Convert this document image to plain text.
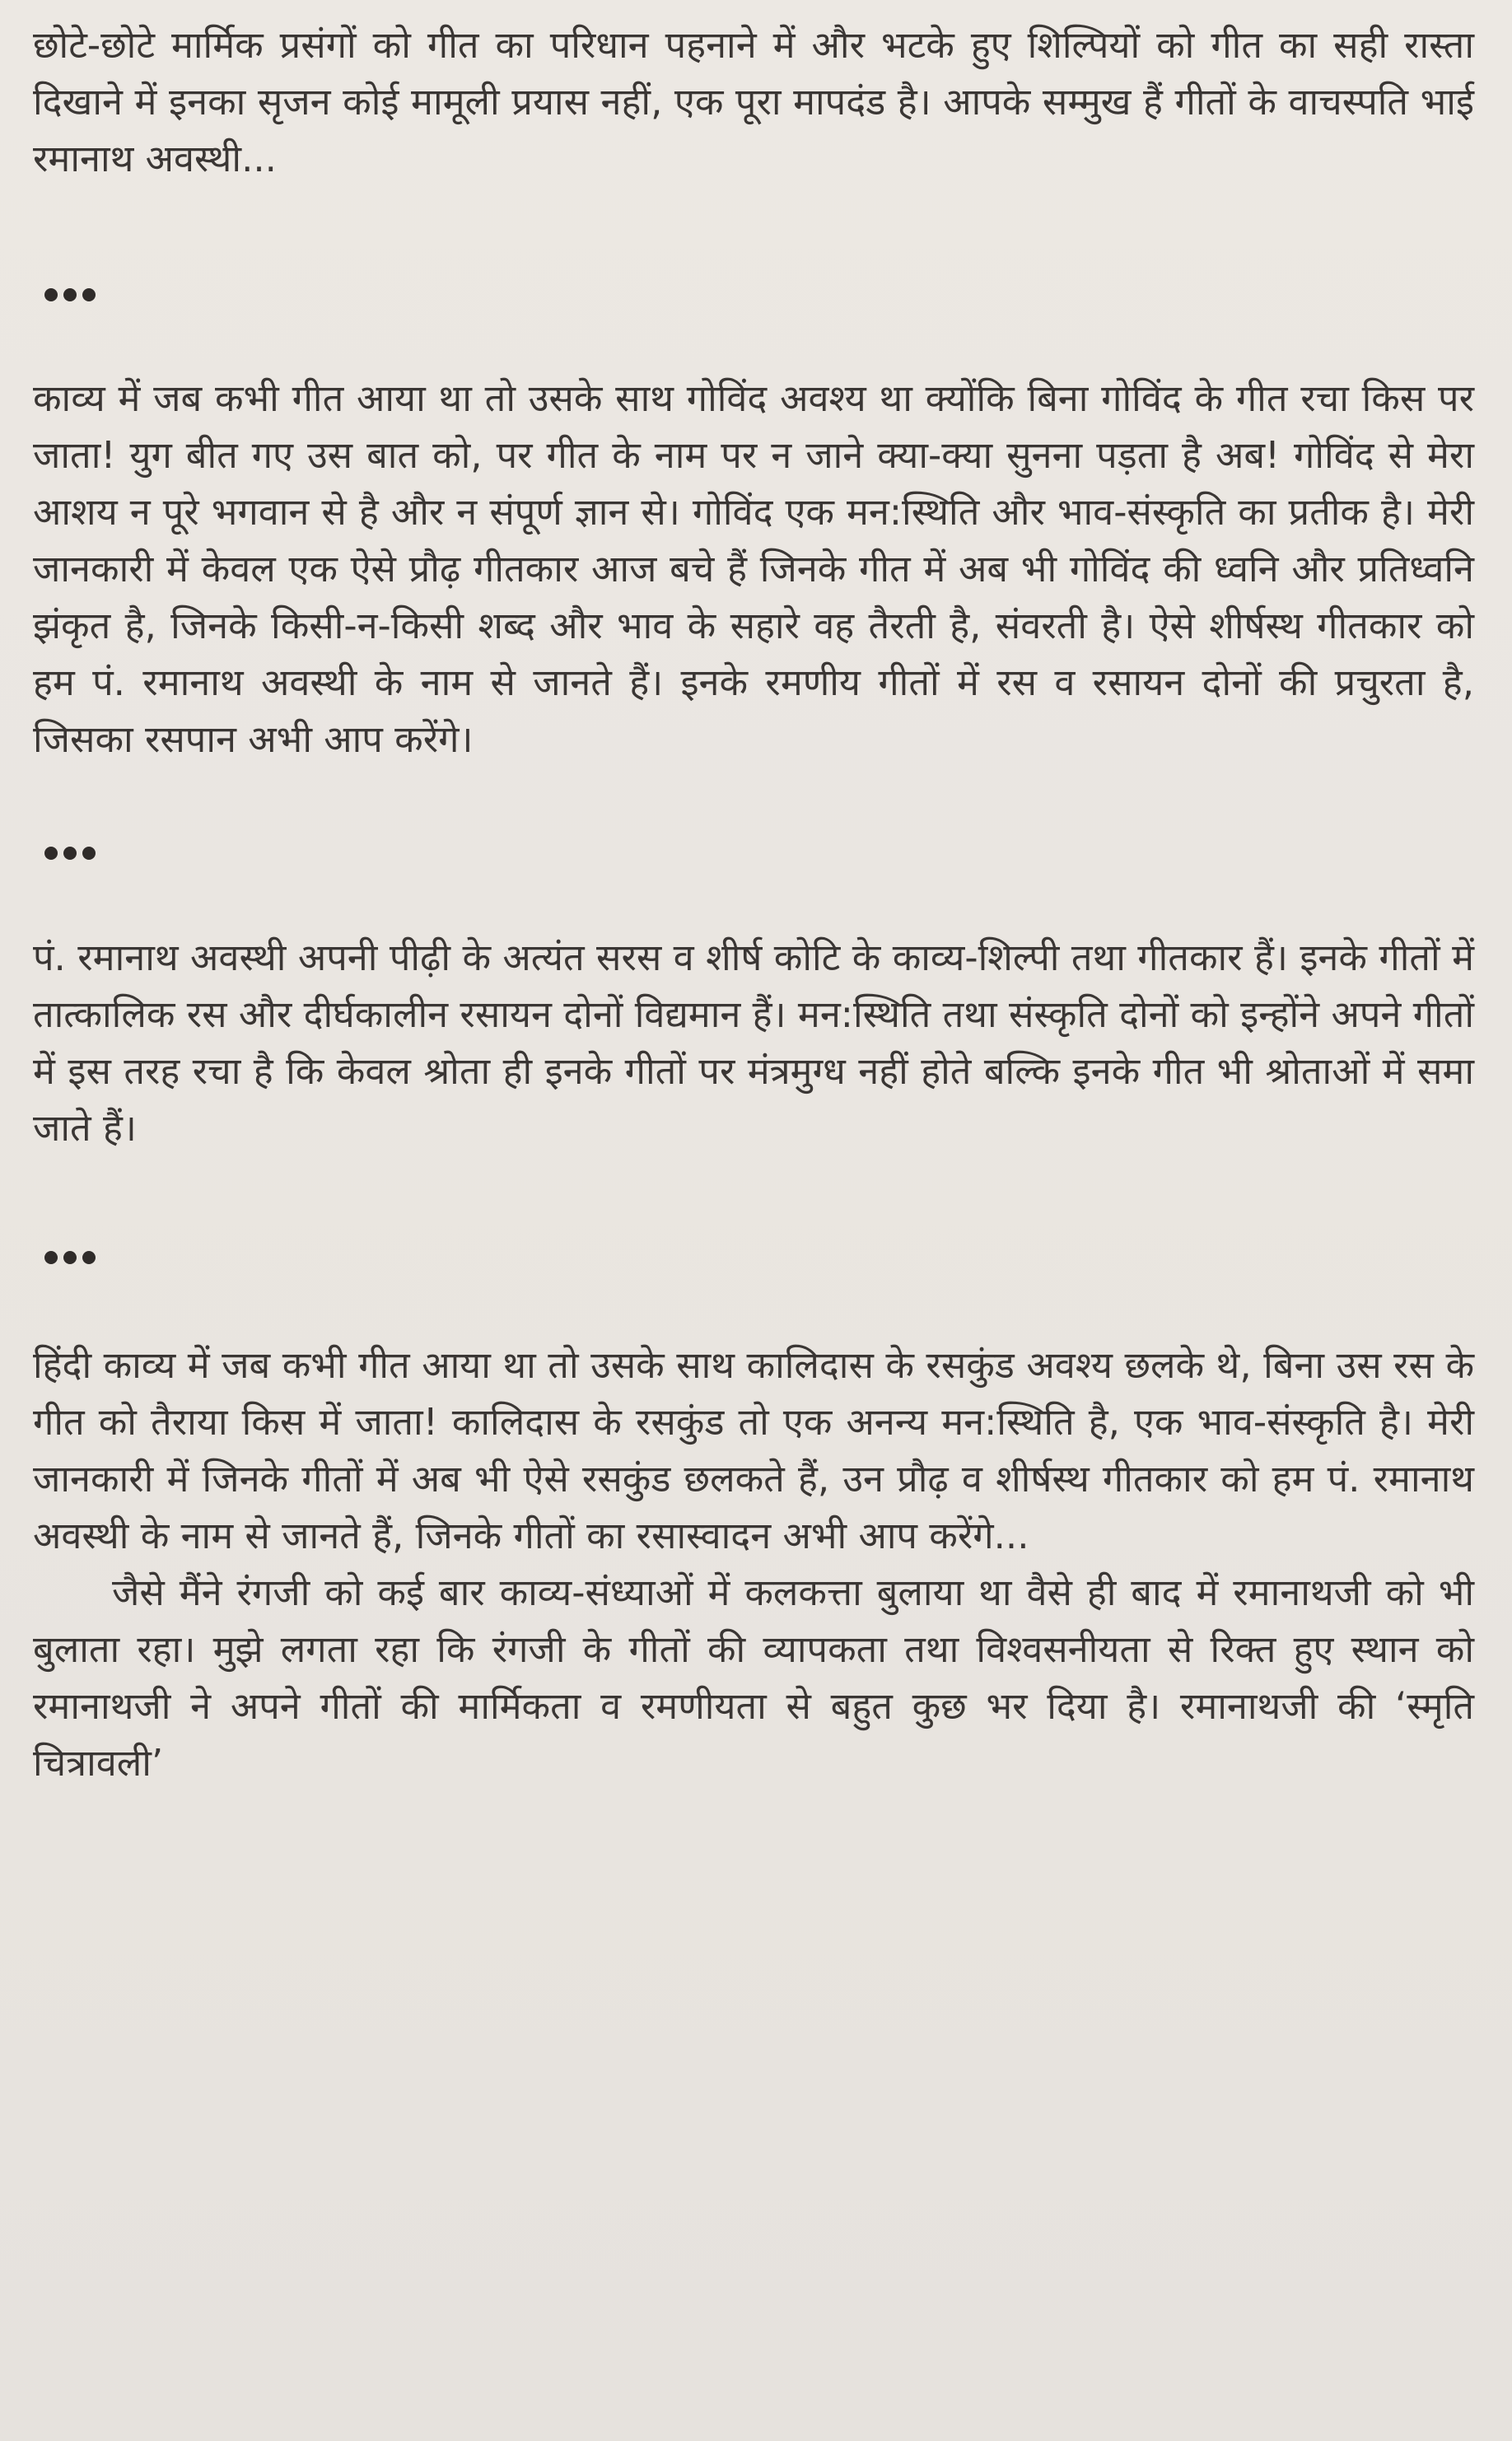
छोटे-छोटे मार्मिक प्रसंगों को गीत का परिधान पहनाने में और भटके हुए शिल्पियों को गीत का सही रास्ता दिखाने में इनका सृजन कोई मामूली प्रयास नहीं, एक पूरा मापदंड है। आपके सम्मुख हैं गीतों के वाचस्पति भाई रमानाथ अवस्थी...

काव्य में जब कभी गीत आया था तो उसके साथ गोविंद अवश्य था क्योंकि बिना गोविंद के गीत रचा किस पर जाता! युग बीत गए उस बात को, पर गीत के नाम पर न जाने क्या-क्या सुनना पड़ता है अब! गोविंद से मेरा आशय न पूरे भगवान से है और न संपूर्ण ज्ञान से। गोविंद एक मन:स्थिति और भाव-संस्कृति का प्रतीक है। मेरी जानकारी में केवल एक ऐसे प्रौढ़ गीतकार आज बचे हैं जिनके गीत में अब भी गोविंद की ध्वनि और प्रतिध्वनि झंकृत है, जिनके किसी-न-किसी शब्द और भाव के सहारे वह तैरती है, संवरती है। ऐसे शीर्षस्थ गीतकार को हम पं. रमानाथ अवस्थी के नाम से जानते हैं। इनके रमणीय गीतों में रस व रसायन दोनों की प्रचुरता है, जिसका रसपान अभी आप करेंगे।

पं. रमानाथ अवस्थी अपनी पीढ़ी के अत्यंत सरस व शीर्ष कोटि के काव्य-शिल्पी तथा गीतकार हैं। इनके गीतों में तात्कालिक रस और दीर्घकालीन रसायन दोनों विद्यमान हैं। मन:स्थिति तथा संस्कृति दोनों को इन्होंने अपने गीतों में इस तरह रचा है कि केवल श्रोता ही इनके गीतों पर मंत्रमुग्ध नहीं होते बल्कि इनके गीत भी श्रोताओं में समा जाते हैं।

हिंदी काव्य में जब कभी गीत आया था तो उसके साथ कालिदास के रसकुंड अवश्य छलके थे, बिना उस रस के गीत को तैराया किस में जाता! कालिदास के रसकुंड तो एक अनन्य मन:स्थिति है, एक भाव-संस्कृति है। मेरी जानकारी में जिनके गीतों में अब भी ऐसे रसकुंड छलकते हैं, उन प्रौढ़ व शीर्षस्थ गीतकार को हम पं. रमानाथ अवस्थी के नाम से जानते हैं, जिनके गीतों का रसास्वादन अभी आप करेंगे...

जैसे मैंने रंगजी को कई बार काव्य-संध्याओं में कलकत्ता बुलाया था वैसे ही बाद में रमानाथजी को भी बुलाता रहा। मुझे लगता रहा कि रंगजी के गीतों की व्यापकता तथा विश्वसनीयता से रिक्त हुए स्थान को रमानाथजी ने अपने गीतों की मार्मिकता व रमणीयता से बहुत कुछ भर दिया है। रमानाथजी की ‘स्मृति चित्रावली’
